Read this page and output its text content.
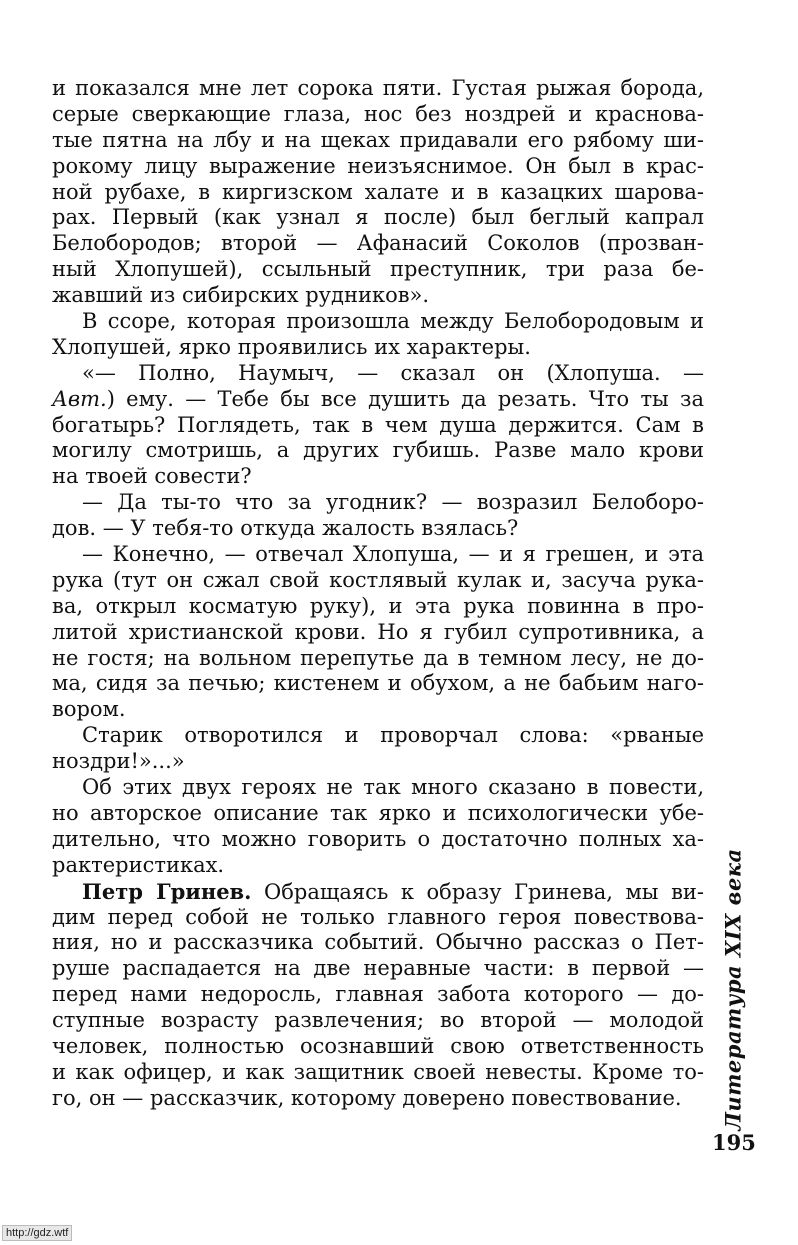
и показался мне лет сорока пяти. Густая рыжая борода,
серые сверкающие глаза, нос без ноздрей и краснова-
тые пятна на лбу и на щеках придавали его рябому ши-
рокому лицу выражение неизъяснимое. Он был в крас-
ной рубахе, в киргизском халате и в казацких шарова-
рах. Первый (как узнал я после) был беглый капрал
Белобородов; второй — Афанасий Соколов (прозван-
ный Хлопушей), ссыльный преступник, три раза бе-
жавший из сибирских рудников».
В ссоре, которая произошла между Белобородовым и
Хлопушей, ярко проявились их характеры.
«— Полно, Наумыч, — сказал он (Хлопуша. —
Авт.) ему. — Тебе бы все душить да резать. Что ты за
богатырь? Поглядеть, так в чем душа держится. Сам в
могилу смотришь, а других губишь. Разве мало крови
на твоей совести?
— Да ты-то что за угодник? — возразил Белоборо-
дов. — У тебя-то откуда жалость взялась?
— Конечно, — отвечал Хлопуша, — и я грешен, и эта
рука (тут он сжал свой костлявый кулак и, засуча рука-
ва, открыл косматую руку), и эта рука повинна в про-
литой христианской крови. Но я губил супротивника, а
не гостя; на вольном перепутье да в темном лесу, не до-
ма, сидя за печью; кистенем и обухом, а не бабьим наго-
вором.
Старик отворотился и проворчал слова: «рваные
ноздри!»...»
Об этих двух героях не так много сказано в повести,
но авторское описание так ярко и психологически убе-
дительно, что можно говорить о достаточно полных ха-
рактеристиках.
Петр Гринев. Обращаясь к образу Гринева, мы ви-
дим перед собой не только главного героя повествова-
ния, но и рассказчика событий. Обычно рассказ о Пет-
руше распадается на две неравные части: в первой —
перед нами недоросль, главная забота которого — до-
ступные возрасту развлечения; во второй — молодой
человек, полностью осознавший свою ответственность
и как офицер, и как защитник своей невесты. Кроме то-
го, он — рассказчик, которому доверено повествование.	Литература XIX века
195
http://gdz.wtf
